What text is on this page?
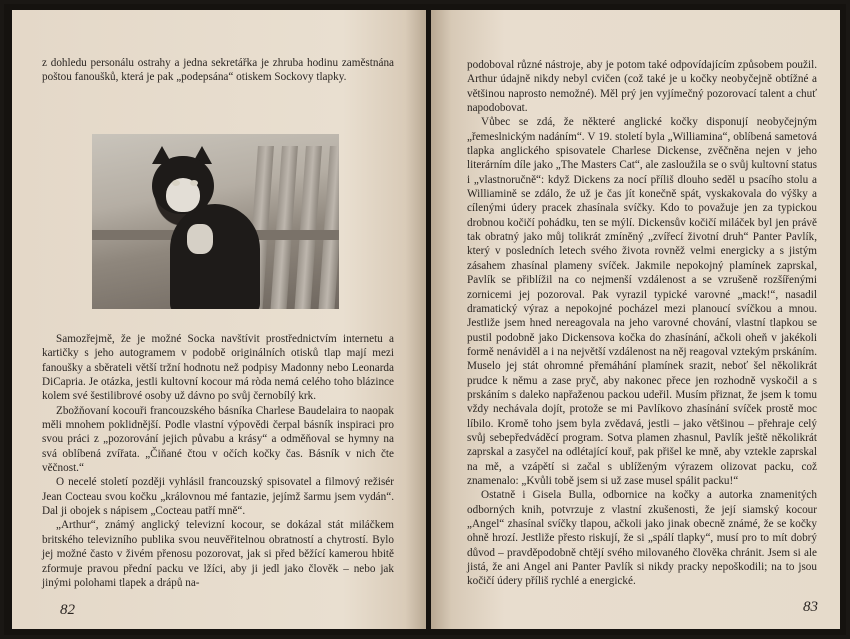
z dohledu personálu ostrahy a jedna sekretářka je zhruba hodinu zaměstnána poštou fanoušků, která je pak „podepsána“ otiskem Sockovy tlapky.

Samozřejmě, že je možné Socka navštívit prostřednictvím internetu a kartičky s jeho autogramem v podobě originálních otisků tlap mají mezi fanoušky a sběrateli větší tržní hodnotu než podpisy Madonny nebo Leonarda DiCapria. Je otázka, jestli kultovní kocour má ròda nemá celého toho blázince kolem své šestilibrové osoby už dávno po svůj černobílý krk.

Zbožňovaní kocouři francouzského básníka Charlese Baudelaira to naopak měli mnohem poklidnější. Podle vlastní výpovědi čerpal básník inspiraci pro svou práci z „pozorování jejich půvabu a krásy“ a odměňoval se hymny na svá oblíbená zvířata. „Čiňané čtou v očích kočky čas. Básník v nich čte věčnost.“

O necelé století později vyhlásil francouzský spisovatel a filmový režisér Jean Cocteau svou kočku „královnou mé fantazie, jejímž šarmu jsem vydán“. Dal ji obojek s nápisem „Cocteau patří mně“.

„Arthur“, známý anglický televizní kocour, se dokázal stát miláčkem britského televizního publika svou neuvěřitelnou obratností a chytrostí. Bylo jej možné často v živém přenosu pozorovat, jak si před běžící kamerou hbitě zformuje pravou přední packu ve lžíci, aby ji jedl jako člověk – nebo jak jinými polohami tlapek a drápů na-

82

podoboval různé nástroje, aby je potom také odpovídajícím způsobem použil. Arthur údajně nikdy nebyl cvičen (což také je u kočky neobyčejně obtížné a většinou naprosto nemožné). Měl prý jen vyjímečný pozorovací talent a chuť napodobovat.

Vůbec se zdá, že některé anglické kočky disponují neobyčejným „řemeslnickým nadáním“. V 19. století byla „Williamina“, oblíbená sametová tlapka anglického spisovatele Charlese Dickense, zvěčněna nejen v jeho literárním díle jako „The Masters Cat“, ale zasloužila se o svůj kultovní status i „vlastnoručně“: když Dickens za nocí příliš dlouho seděl u psacího stolu a Williamině se zdálo, že už je čas jít konečně spát, vyskakovala do výšky a cílenými údery pracek zhasínala svíčky. Kdo to považuje jen za typickou drobnou kočičí pohádku, ten se mýlí. Dickensův kočičí miláček byl jen právě tak obratný jako můj tolikrát zmíněný „zvířecí životní druh“ Panter Pavlík, který v posledních letech svého života rovněž velmi energicky a s jistým zásahem zhasínal plameny svíček. Jakmile nepokojný plamínek zaprskal, Pavlík se přiblížil na co nejmenší vzdálenost a se vzrušeně rozšířenými zornicemi jej pozoroval. Pak vyrazil typické varovné „mack!“, nasadil dramatický výraz a nepokojné pocházel mezi planoucí svíčkou a mnou. Jestliže jsem hned nereagovala na jeho varovné chování, vlastní tlapkou se pustil podobně jako Dickensova kočka do zhasínání, ačkoli oheň v jakékoli formě nenáviděl a i na největší vzdálenost na něj reagoval vztekým prskáním. Muselo jej stát ohromné přemáhání plamínek srazit, neboť šel několikrát prudce k němu a zase pryč, aby nakonec přece jen rozhodně vyskočil a s prskáním s daleko napřaženou packou udeřil. Musím přiznat, že jsem k tomu vždy nechávala dojít, protože se mi Pavlíkovo zhasínání svíček prostě moc líbilo. Kromě toho jsem byla zvědavá, jestli – jako většinou – přehraje celý svůj sebepředváděcí program. Sotva plamen zhasnul, Pavlík ještě několikrát zaprskal a zasyčel na odlétající kouř, pak přišel ke mně, aby vztekle zaprskal na mě, a vzápětí si začal s ublíženým výrazem olizovat packu, což znamenalo: „Kvůli tobě jsem si už zase musel spálit packu!“

Ostatně i Gisela Bulla, odbornice na kočky a autorka znamenitých odborných knih, potvrzuje z vlastní zkušenosti, že její siamský kocour „Angel“ zhasínal svíčky tlapou, ačkoli jako jinak obecně známé, že se kočky ohně hrozí. Jestliže přesto riskují, že si „spálí tlapky“, musí pro to mít dobrý důvod – pravděpodobně chtějí svého milovaného člověka chránit. Jsem si ale jistá, že ani Angel ani Panter Pavlík si nikdy pracky nepoškodili; na to jsou kočičí údery příliš rychlé a energické.

83
